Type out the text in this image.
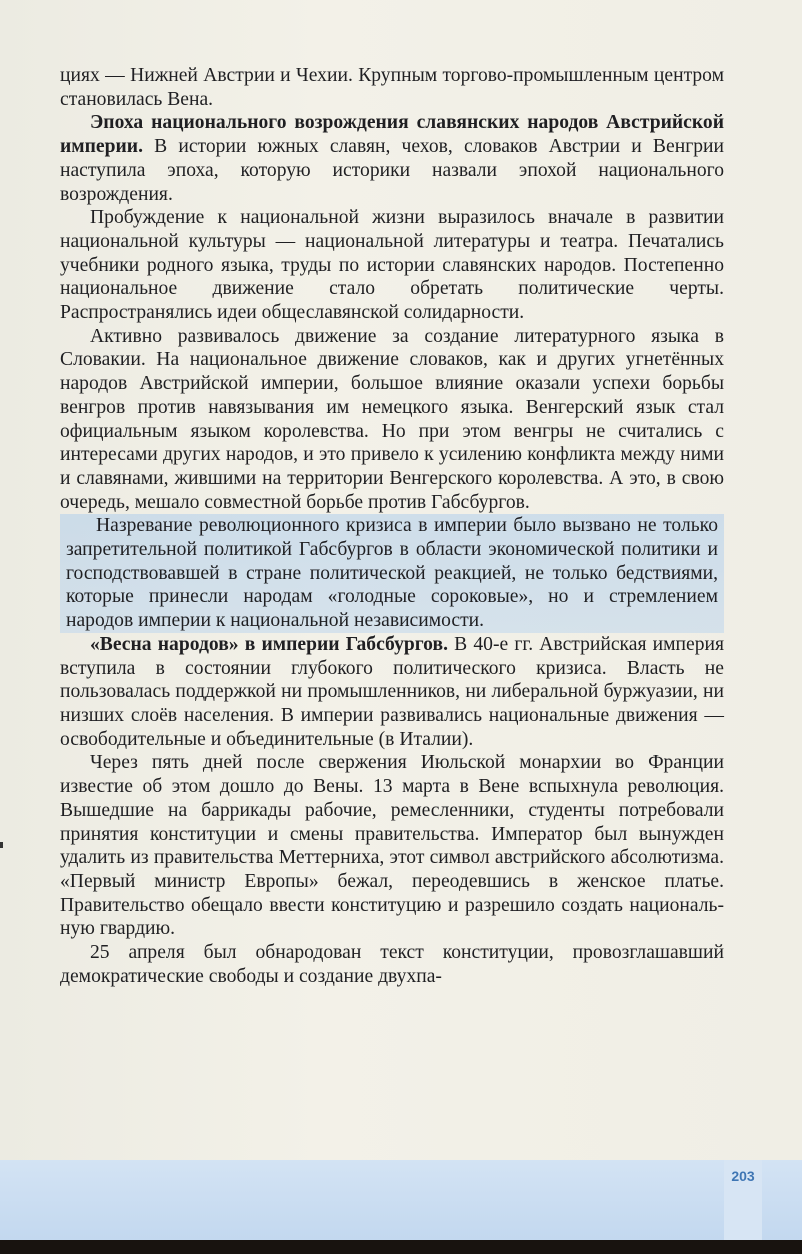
циях — Нижней Австрии и Чехии. Крупным торгово-промышленным центром становилась Вена.

Эпоха национального возрождения славянских народов Австрийской империи. В истории южных славян, чехов, словаков Австрии и Венгрии наступила эпоха, которую историки назвали эпохой национального возрождения.

Пробуждение к национальной жизни выразилось вначале в развитии национальной культуры — национальной литературы и театра. Печатались учебники родного языка, труды по истории славянских народов. Постепенно национальное движение стало обретать политические черты. Распространялись идеи общеславянской солидарности.

Активно развивалось движение за создание литературного языка в Словакии. На национальное движение словаков, как и других угнетённых народов Австрийской империи, большое влияние оказали успехи борьбы венгров против навязывания им немецкого языка. Венгерский язык стал официальным языком королевства. Но при этом венгры не считались с интересами других народов, и это привело к усилению конфликта между ними и славянами, жившими на территории Венгерского королевства. А это, в свою очередь, мешало совместной борьбе против Габсбургов.

Назревание революционного кризиса в империи было вызвано не только запретительной политикой Габсбургов в области экономической политики и господствовавшей в стране политической реакцией, не только бедствиями, которые принесли народам «голодные сороковые», но и стремлением народов империи к национальной независимости.

«Весна народов» в империи Габсбургов. В 40-е гг. Австрийская империя вступила в состоянии глубокого политического кризиса. Власть не пользовалась поддержкой ни промышленников, ни либеральной буржуазии, ни низших слоёв населения. В империи развивались национальные движения — освободительные и объединительные (в Италии).

Через пять дней после свержения Июльской монархии во Франции известие об этом дошло до Вены. 13 марта в Вене вспыхнула революция. Вышедшие на баррикады рабочие, ремесленники, студенты потребовали принятия конституции и смены правительства. Император был вынужден удалить из правительства Меттерниха, этот символ австрийского абсолютизма. «Первый министр Европы» бежал, переодевшись в женское платье. Правительство обещало ввести конституцию и разрешило создать национальную гвардию.

25 апреля был обнародован текст конституции, провозглашавший демократические свободы и создание двухпа-

203
